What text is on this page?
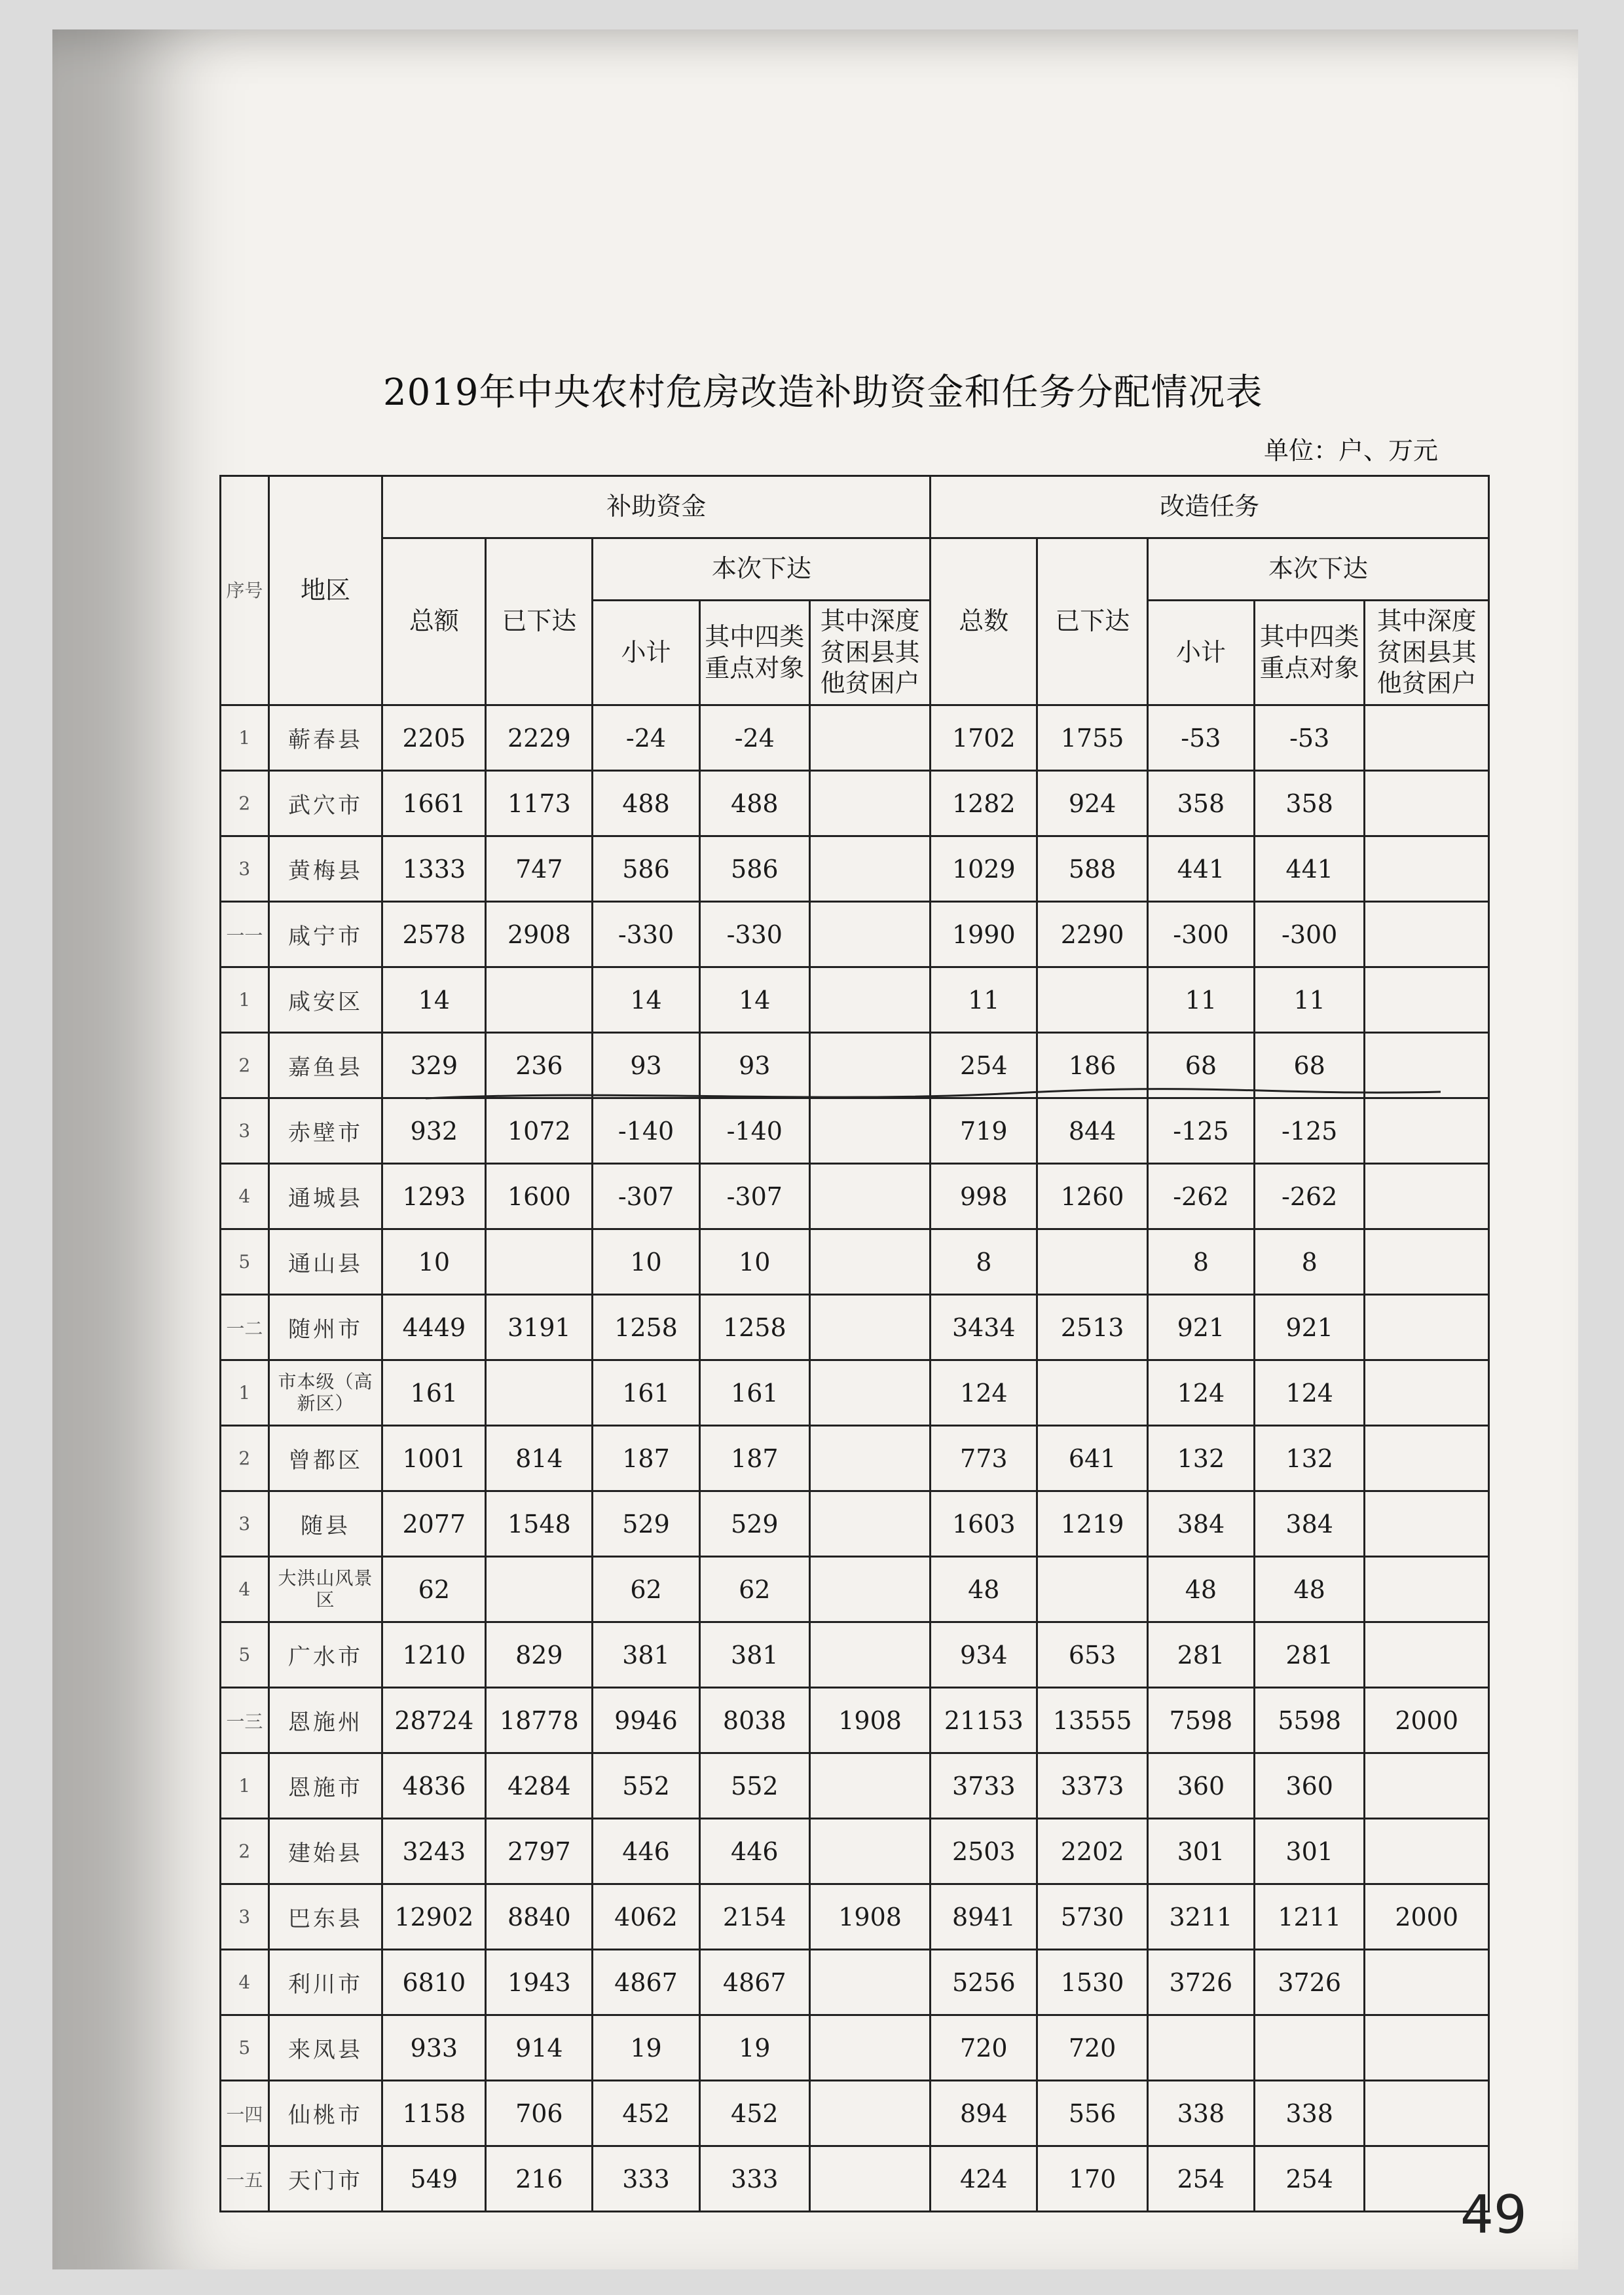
2019年中央农村危房改造补助资金和任务分配情况表
单位：户、万元
序号	地区	补助资金					改造任务				
		总额	已下达	本次下达			总数	已下达	本次下达		
				小计	其中四类重点对象	其中深度贫困县其他贫困户			小计	其中四类重点对象	其中深度贫困县其他贫困户
1	蕲春县	2205	2229	-24	-24		1702	1755	-53	-53	
2	武穴市	1661	1173	488	488		1282	924	358	358	
3	黄梅县	1333	747	586	586		1029	588	441	441	
一一	咸宁市	2578	2908	-330	-330		1990	2290	-300	-300	
1	咸安区	14		14	14		11		11	11	
2	嘉鱼县	329	236	93	93		254	186	68	68	
3	赤壁市	932	1072	-140	-140		719	844	-125	-125	
4	通城县	1293	1600	-307	-307		998	1260	-262	-262	
5	通山县	10		10	10		8		8	8	
一二	随州市	4449	3191	1258	1258		3434	2513	921	921	
1	市本级（高新区）	161		161	161		124		124	124	
2	曾都区	1001	814	187	187		773	641	132	132	
3	随县	2077	1548	529	529		1603	1219	384	384	
4	大洪山风景区	62		62	62		48		48	48	
5	广水市	1210	829	381	381		934	653	281	281	
一三	恩施州	28724	18778	9946	8038	1908	21153	13555	7598	5598	2000
1	恩施市	4836	4284	552	552		3733	3373	360	360	
2	建始县	3243	2797	446	446		2503	2202	301	301	
3	巴东县	12902	8840	4062	2154	1908	8941	5730	3211	1211	2000
4	利川市	6810	1943	4867	4867		5256	1530	3726	3726	
5	来凤县	933	914	19	19		720	720			
一四	仙桃市	1158	706	452	452		894	556	338	338	
一五	天门市	549	216	333	333		424	170	254	254	
49
